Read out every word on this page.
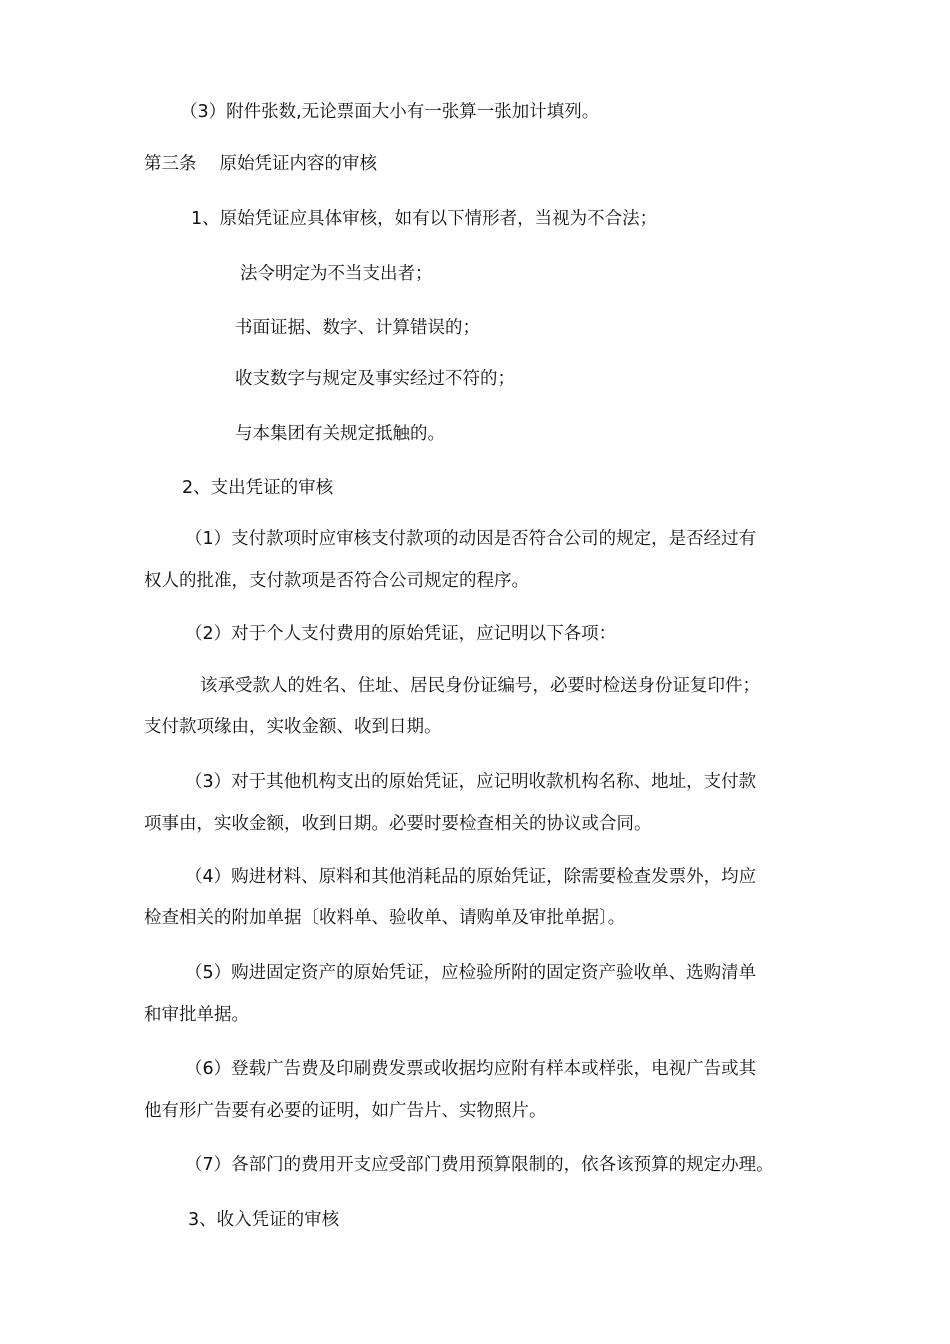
（3）附件张数,无论票面大小有一张算一张加计填列。
第三条 原始凭证内容的审核
1、原始凭证应具体审核，如有以下情形者，当视为不合法；
法令明定为不当支出者；
书面证据、数字、计算错误的；
收支数字与规定及事实经过不符的；
与本集团有关规定抵触的。
2、支出凭证的审核
（1）支付款项时应审核支付款项的动因是否符合公司的规定，是否经过有
权人的批准，支付款项是否符合公司规定的程序。
（2）对于个人支付费用的原始凭证，应记明以下各项：
该承受款人的姓名、住址、居民身份证编号，必要时检送身份证复印件；
支付款项缘由，实收金额、收到日期。
（3）对于其他机构支出的原始凭证，应记明收款机构名称、地址，支付款
项事由，实收金额，收到日期。必要时要检查相关的协议或合同。
（4）购进材料、原料和其他消耗品的原始凭证，除需要检查发票外，均应
检查相关的附加单据〔收料单、验收单、请购单及审批单据〕。
（5）购进固定资产的原始凭证，应检验所附的固定资产验收单、选购清单
和审批单据。
（6）登载广告费及印刷费发票或收据均应附有样本或样张，电视广告或其
他有形广告要有必要的证明，如广告片、实物照片。
（7）各部门的费用开支应受部门费用预算限制的，依各该预算的规定办理。
3、收入凭证的审核
